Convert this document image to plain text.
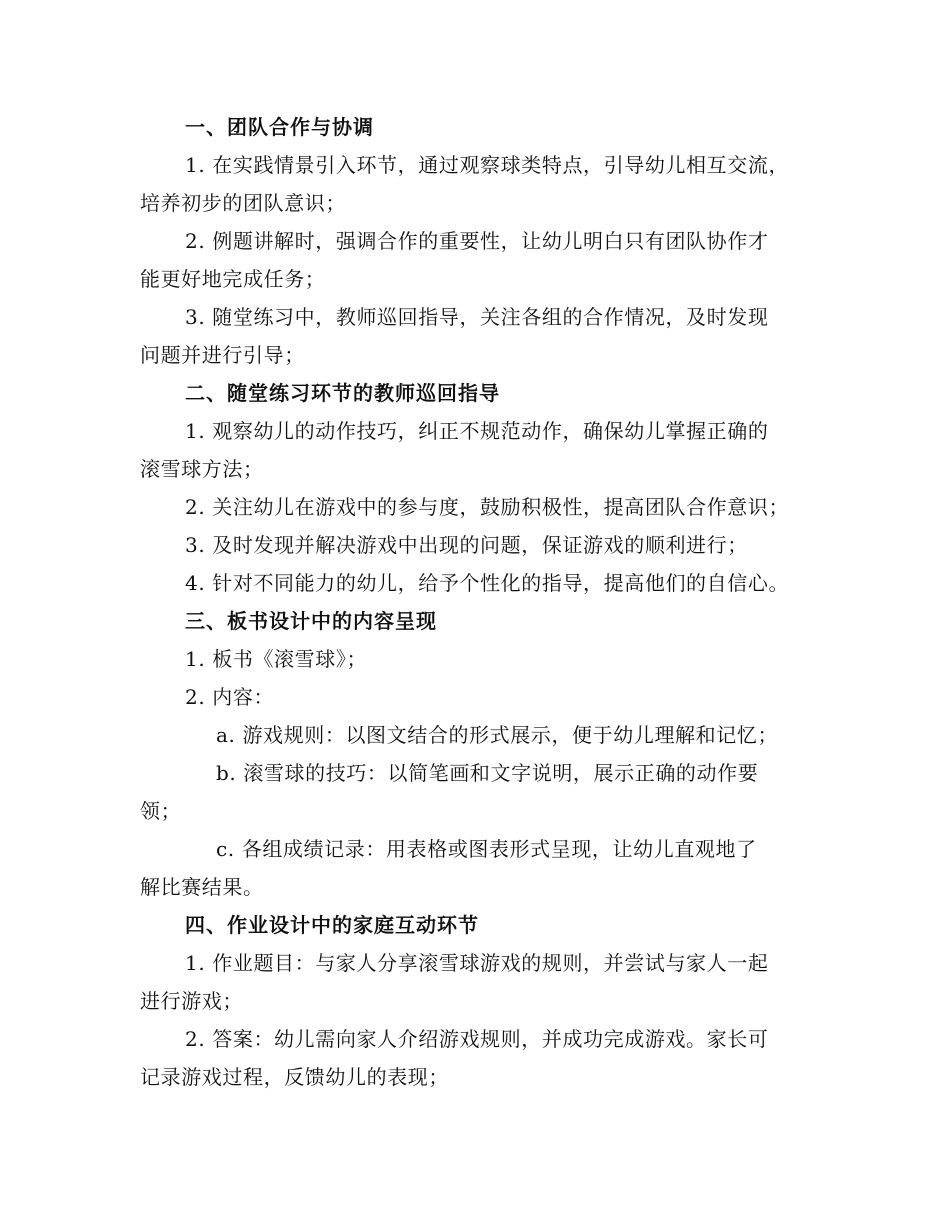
一、团队合作与协调
1. 在实践情景引入环节，通过观察球类特点，引导幼儿相互交流，
培养初步的团队意识；
2. 例题讲解时，强调合作的重要性，让幼儿明白只有团队协作才
能更好地完成任务；
3. 随堂练习中，教师巡回指导，关注各组的合作情况，及时发现
问题并进行引导；
二、随堂练习环节的教师巡回指导
1. 观察幼儿的动作技巧，纠正不规范动作，确保幼儿掌握正确的
滚雪球方法；
2. 关注幼儿在游戏中的参与度，鼓励积极性，提高团队合作意识；
3. 及时发现并解决游戏中出现的问题，保证游戏的顺利进行；
4. 针对不同能力的幼儿，给予个性化的指导，提高他们的自信心。
三、板书设计中的内容呈现
1. 板书《滚雪球》；
2. 内容：
a. 游戏规则：以图文结合的形式展示，便于幼儿理解和记忆；
b. 滚雪球的技巧：以简笔画和文字说明，展示正确的动作要
领；
c. 各组成绩记录：用表格或图表形式呈现，让幼儿直观地了
解比赛结果。
四、作业设计中的家庭互动环节
1. 作业题目：与家人分享滚雪球游戏的规则，并尝试与家人一起
进行游戏；
2. 答案：幼儿需向家人介绍游戏规则，并成功完成游戏。家长可
记录游戏过程，反馈幼儿的表现；
